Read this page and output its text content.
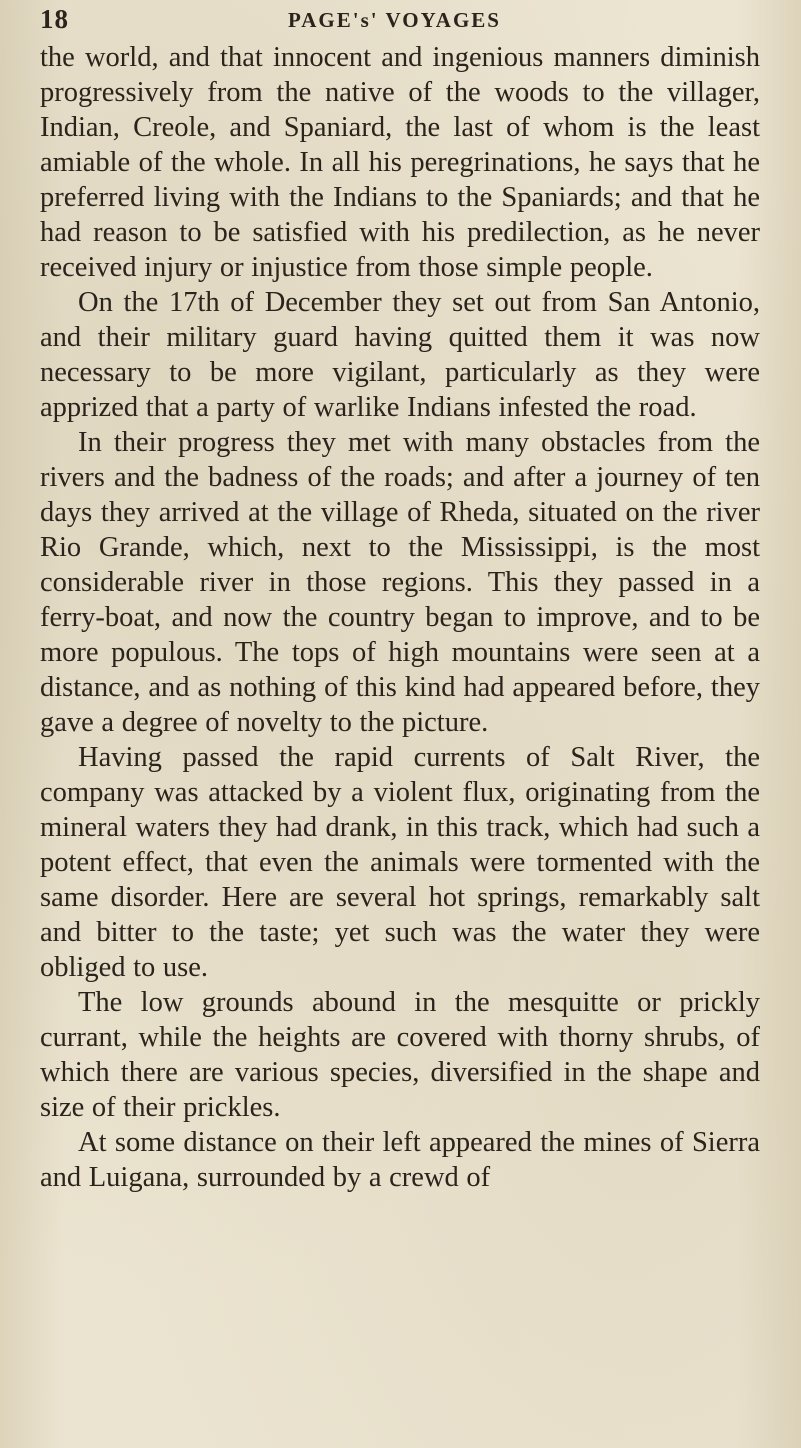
18	PAGE's' VOYAGES

the world, and that innocent and ingenious manners diminish progressively from the native of the woods to the villager, Indian, Creole, and Spaniard, the last of whom is the least amiable of the whole. In all his peregrinations, he says that he preferred living with the Indians to the Spaniards; and that he had reason to be satisfied with his predilection, as he never received injury or injustice from those simple people.

On the 17th of December they set out from San Antonio, and their military guard having quitted them it was now necessary to be more vigilant, particularly as they were apprized that a party of warlike Indians infested the road.

In their progress they met with many obstacles from the rivers and the badness of the roads; and after a journey of ten days they arrived at the village of Rheda, situated on the river Rio Grande, which, next to the Mississippi, is the most considerable river in those regions. This they passed in a ferry-boat, and now the country began to improve, and to be more populous. The tops of high mountains were seen at a distance, and as nothing of this kind had appeared before, they gave a degree of novelty to the picture.

Having passed the rapid currents of Salt River, the company was attacked by a violent flux, originating from the mineral waters they had drank, in this track, which had such a potent effect, that even the animals were tormented with the same disorder. Here are several hot springs, remarkably salt and bitter to the taste; yet such was the water they were obliged to use.

The low grounds abound in the mesquitte or prickly currant, while the heights are covered with thorny shrubs, of which there are various species, diversified in the shape and size of their prickles.

At some distance on their left appeared the mines of Sierra and Luigana, surrounded by a crewd of
